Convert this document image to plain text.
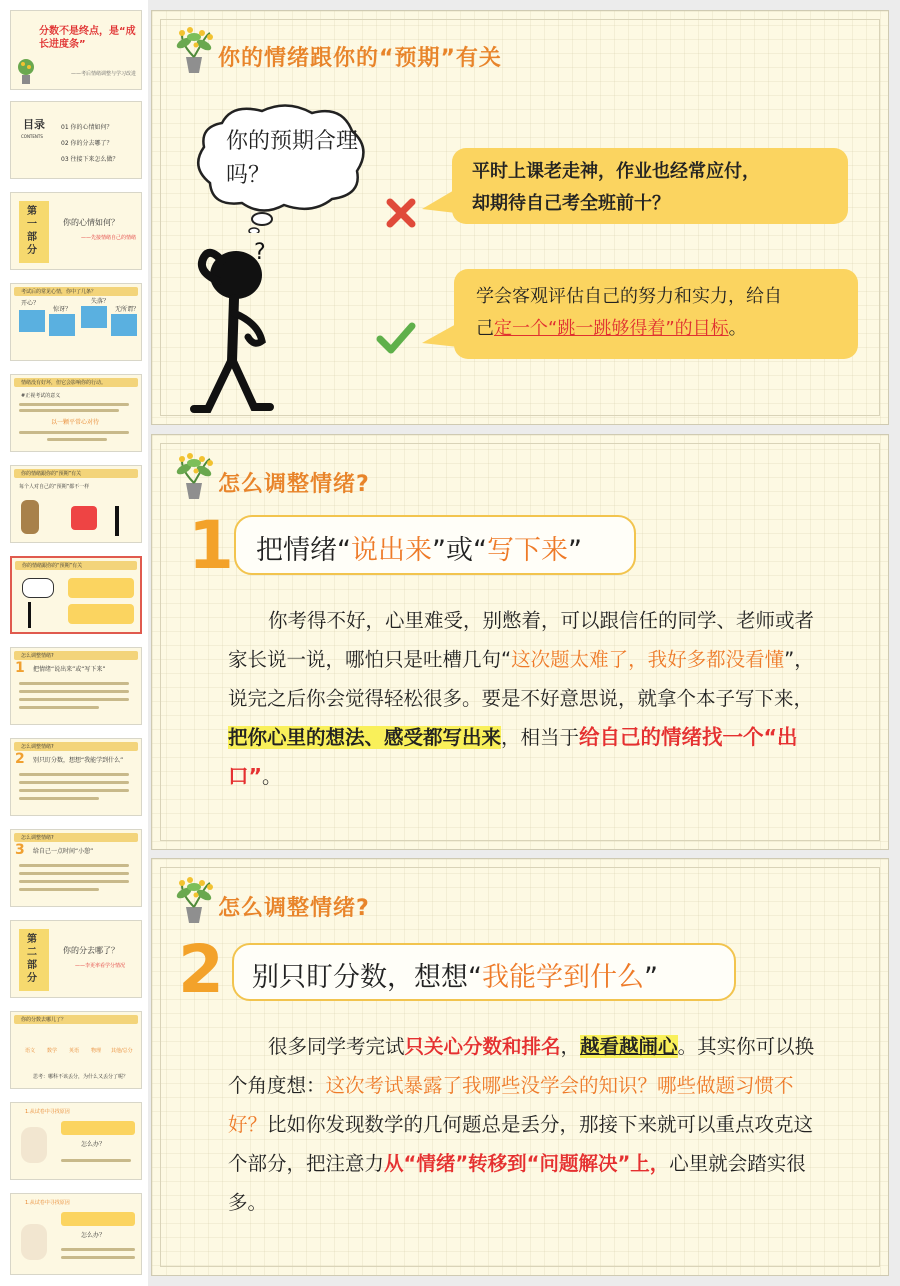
分数不是终点，是“成长进度条”
——考后情绪调整与学习改进
目录
CONTENTS
01 你的心情如何？
02 你的分去哪了？
03 往接下来怎么做？
第一部分
你的心情如何？
——先接情绪自己的情绪
考试后的常见心情，你中了几条？
开心？
惊讶？
失落？
无所谓？
情绪没有好坏，但它会影响你的行动。
#正视考试的意义
以一颗平常心对待
你的情绪跟你的“预期”有关
每个人对自己的“预期”都不一样
你的情绪跟你的“预期”有关
怎么调整情绪?
1 把情绪“说出来”或“写下来”
怎么调整情绪?
2 别只盯分数，想想“我能学到什么”
怎么调整情绪?
3 给自己一点时间“小憩”
第二部分
你的分去哪了？
——李更率看学分情况
你的分数去哪儿了？
语文 数学 英语 物理 其他/总分
思考：哪科不该丢分，为什么又丢分了呢？
1.从试卷中寻找原因
怎么办？
1.从试卷中寻找原因
怎么办？
你的情绪跟你的“预期”有关
你的预期合理吗？
?
平时上课老走神，作业也经常应付，
却期待自己考全班前十？
学会客观评估自己的努力和实力，给自
己定一个“跳一跳够得着”的目标。
怎么调整情绪?
1 把情绪“说出来”或“写下来”
你考得不好，心里难受，别憋着，可以跟信任的同学、老师或者家长说一说，哪怕只是吐槽几句“这次题太难了，我好多都没看懂”，说完之后你会觉得轻松很多。要是不好意思说，就拿个本子写下来，把你心里的想法、感受都写出来，相当于给自己的情绪找一个“出口”。
怎么调整情绪?
2	别只盯分数，想想“我能学到什么”
很多同学考完试只关心分数和排名，越看越闹心。其实你可以换个角度想：这次考试暴露了我哪些没学会的知识？哪些做题习惯不好？比如你发现数学的几何题总是丢分，那接下来就可以重点攻克这个部分，把注意力从“情绪”转移到“问题解决”上，心里就会踏实很多。
